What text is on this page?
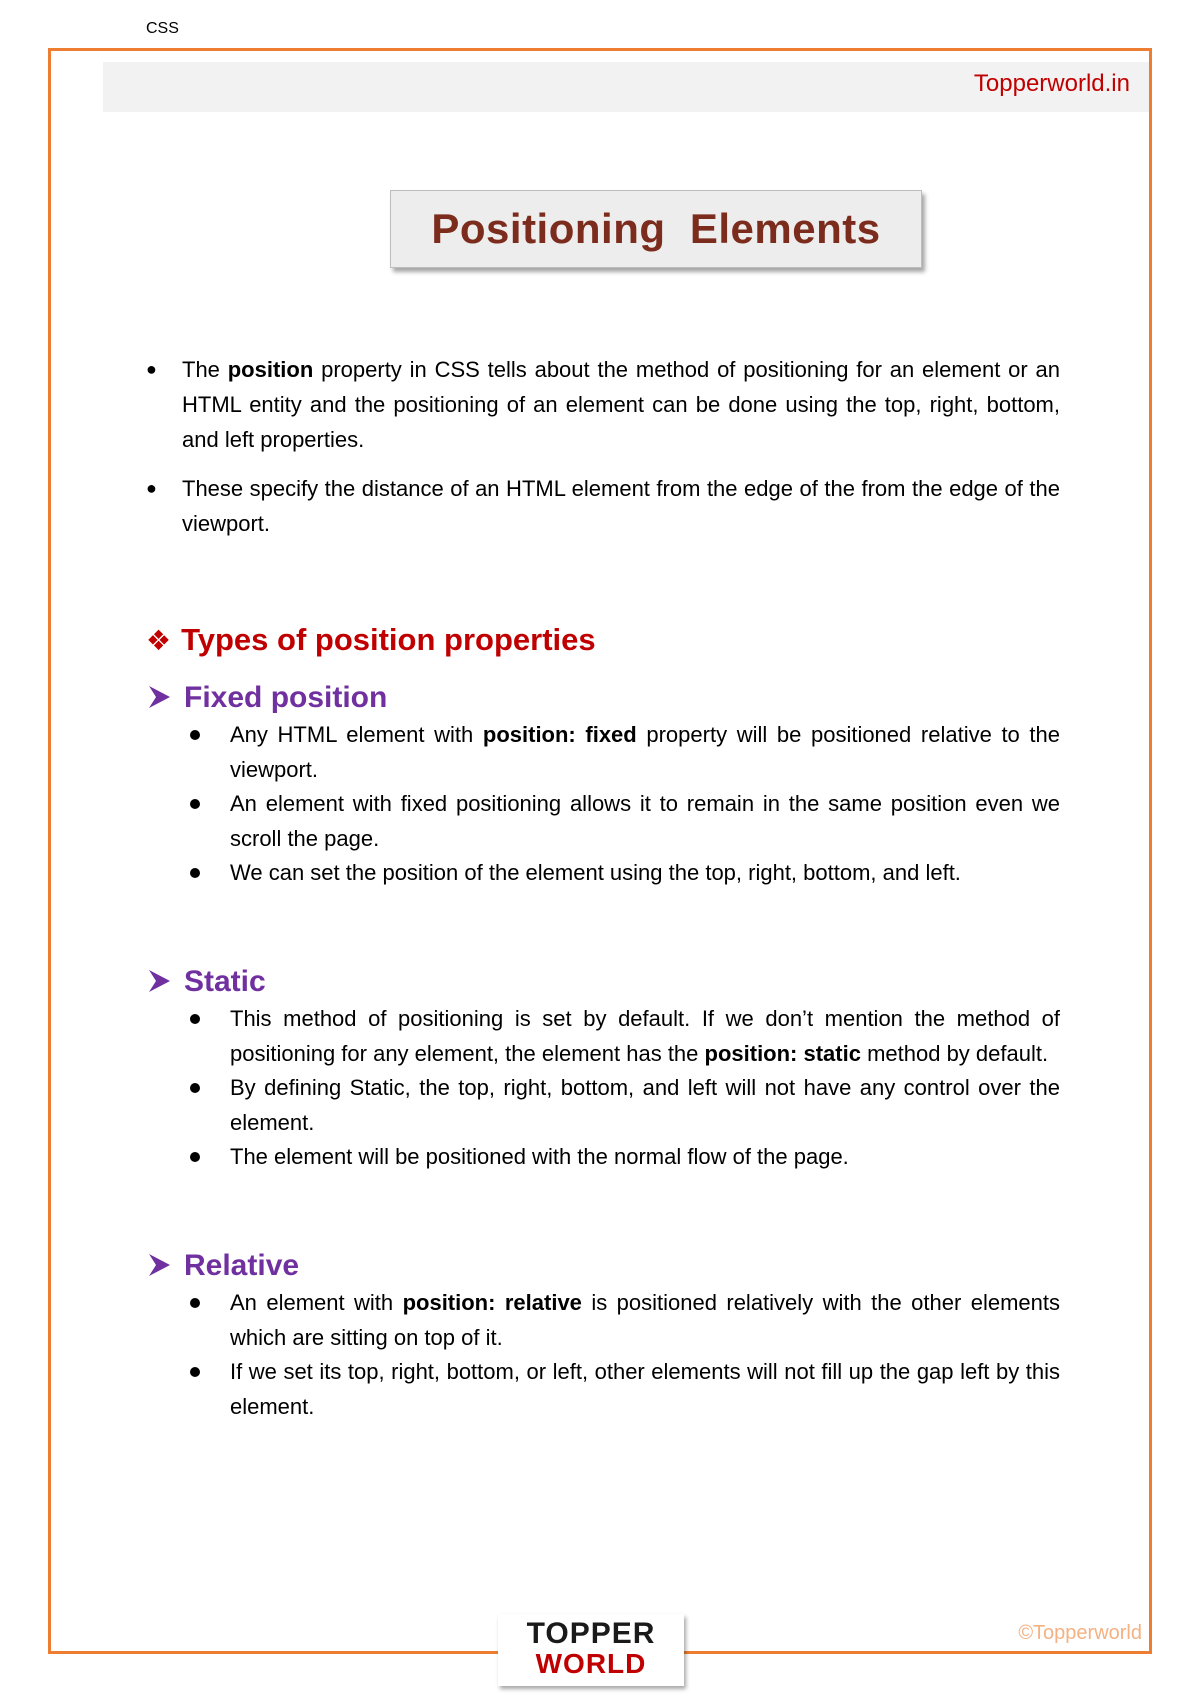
CSS
Topperworld.in
Positioning  Elements
● The position property in CSS tells about the method of positioning for an element or an HTML entity and the positioning of an element can be done using the top, right, bottom, and left properties.
● These specify the distance of an HTML element from the edge of the from the edge of the viewport.
❖ Types of position properties
Fixed position
Any HTML element with position: fixed property will be positioned relative to the viewport.
An element with fixed positioning allows it to remain in the same position even we scroll the page.
We can set the position of the element using the top, right, bottom, and left.
Static
This method of positioning is set by default. If we don’t mention the method of positioning for any element, the element has the position: static method by default.
By defining Static, the top, right, bottom, and left will not have any control over the element.
The element will be positioned with the normal flow of the page.
Relative
An element with position: relative is positioned relatively with the other elements which are sitting on top of it.
If we set its top, right, bottom, or left, other elements will not fill up the gap left by this element.
TOPPER
WORLD
©Topperworld
